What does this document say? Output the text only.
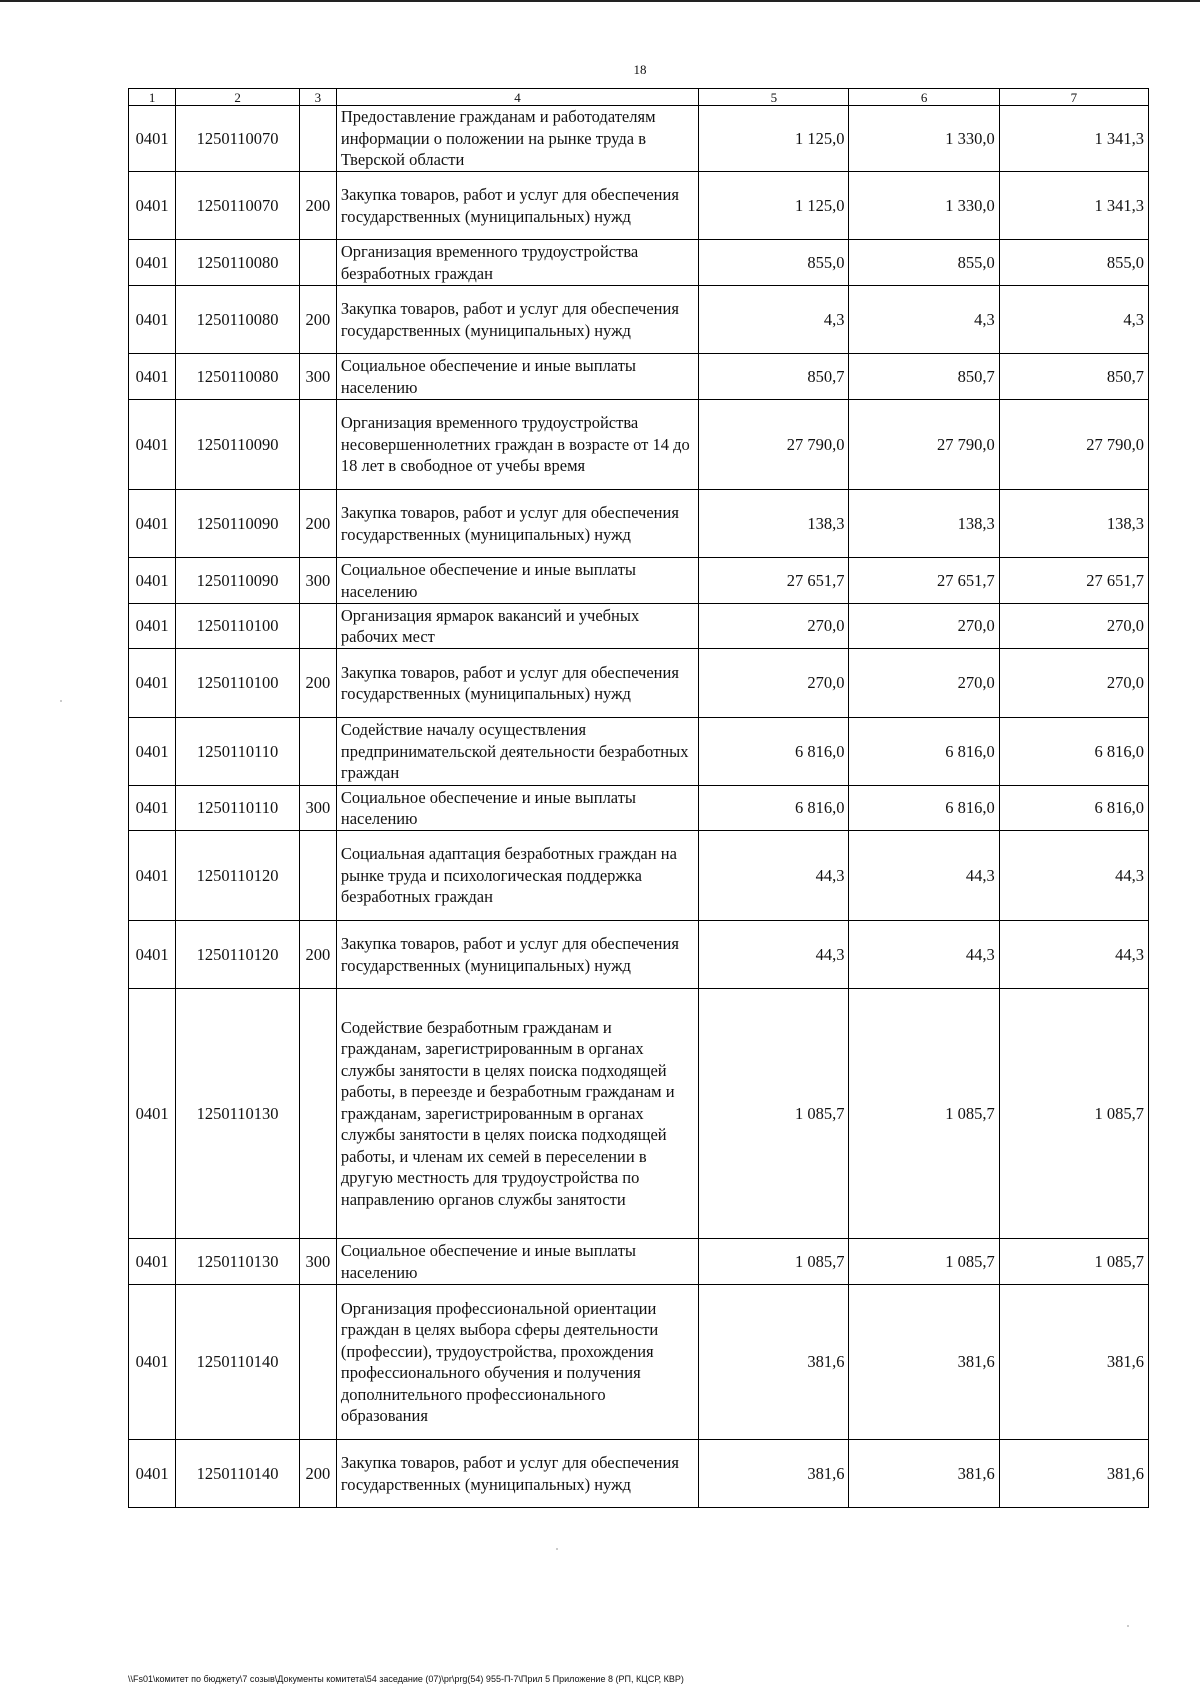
18
1	2	3	4	5	6	7
0401	1250110070		Предоставление гражданам и работодателям информации о положении на рынке труда в Тверской области	1 125,0	1 330,0	1 341,3
0401	1250110070	200	Закупка товаров, работ и услуг для обеспечения государственных (муниципальных) нужд	1 125,0	1 330,0	1 341,3
0401	1250110080		Организация временного трудоустройства безработных граждан	855,0	855,0	855,0
0401	1250110080	200	Закупка товаров, работ и услуг для обеспечения государственных (муниципальных) нужд	4,3	4,3	4,3
0401	1250110080	300	Социальное обеспечение и иные выплаты населению	850,7	850,7	850,7
0401	1250110090		Организация временного трудоустройства несовершеннолетних граждан в возрасте от 14 до 18 лет в свободное от учебы время	27 790,0	27 790,0	27 790,0
0401	1250110090	200	Закупка товаров, работ и услуг для обеспечения государственных (муниципальных) нужд	138,3	138,3	138,3
0401	1250110090	300	Социальное обеспечение и иные выплаты населению	27 651,7	27 651,7	27 651,7
0401	1250110100		Организация ярмарок вакансий и учебных рабочих мест	270,0	270,0	270,0
0401	1250110100	200	Закупка товаров, работ и услуг для обеспечения государственных (муниципальных) нужд	270,0	270,0	270,0
0401	1250110110		Содействие началу осуществления предпринимательской деятельности безработных граждан	6 816,0	6 816,0	6 816,0
0401	1250110110	300	Социальное обеспечение и иные выплаты населению	6 816,0	6 816,0	6 816,0
0401	1250110120		Социальная адаптация безработных граждан на рынке труда и психологическая поддержка безработных граждан	44,3	44,3	44,3
0401	1250110120	200	Закупка товаров, работ и услуг для обеспечения государственных (муниципальных) нужд	44,3	44,3	44,3
0401	1250110130		Содействие безработным гражданам и гражданам, зарегистрированным в органах службы занятости в целях поиска подходящей работы, в переезде и безработным гражданам и гражданам, зарегистрированным в органах службы занятости в целях поиска подходящей работы, и членам их семей в переселении в другую местность для трудоустройства по направлению органов службы занятости	1 085,7	1 085,7	1 085,7
0401	1250110130	300	Социальное обеспечение и иные выплаты населению	1 085,7	1 085,7	1 085,7
0401	1250110140		Организация профессиональной ориентации граждан в целях выбора сферы деятельности (профессии), трудоустройства, прохождения профессионального обучения и получения дополнительного профессионального образования	381,6	381,6	381,6
0401	1250110140	200	Закупка товаров, работ и услуг для обеспечения государственных (муниципальных) нужд	381,6	381,6	381,6
\\Fs01\комитет по бюджету\7 созыв\Документы комитета\54 заседание (07)\pr\prg(54) 955-П-7\Прил 5 Приложение 8 (РП, КЦСР, КВР)
